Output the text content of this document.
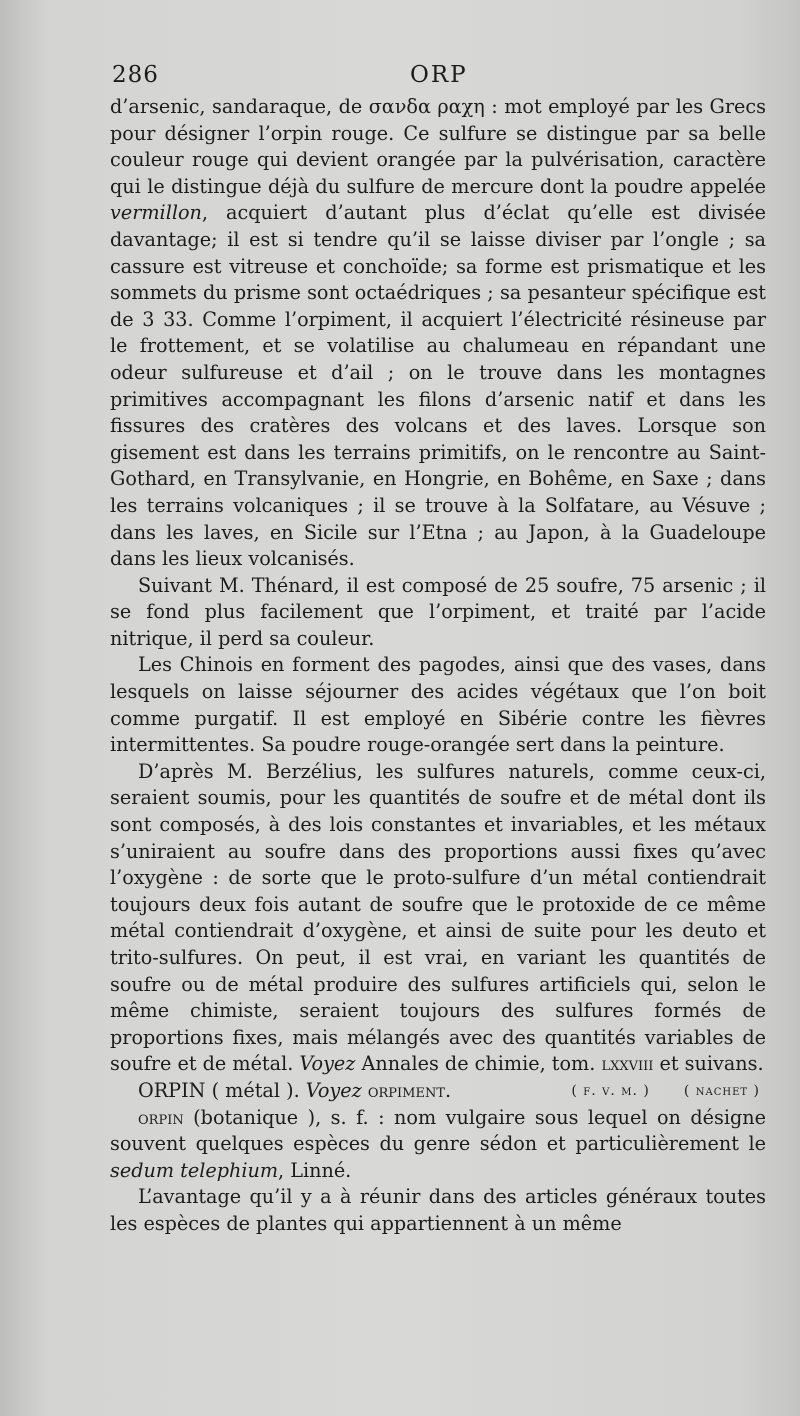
286	ORP

d’arsenic, sandaraque, de σανδα ραχη : mot employé par les Grecs pour désigner l’orpin rouge. Ce sulfure se distingue par sa belle couleur rouge qui devient orangée par la pulvérisation, caractère qui le distingue déjà du sulfure de mercure dont la poudre appelée vermillon, acquiert d’autant plus d’éclat qu’elle est divisée davantage; il est si tendre qu’il se laisse diviser par l’ongle ; sa cassure est vitreuse et conchoïde; sa forme est prismatique et les sommets du prisme sont octaédriques ; sa pesanteur spécifique est de 3 33. Comme l’orpiment, il acquiert l’électricité résineuse par le frottement, et se volatilise au chalumeau en répandant une odeur sulfureuse et d’ail ; on le trouve dans les montagnes primitives accompagnant les filons d’arsenic natif et dans les fissures des cratères des volcans et des laves. Lorsque son gisement est dans les terrains primitifs, on le rencontre au Saint-Gothard, en Transylvanie, en Hongrie, en Bohême, en Saxe ; dans les terrains volcaniques ; il se trouve à la Solfatare, au Vésuve ; dans les laves, en Sicile sur l’Etna ; au Japon, à la Guadeloupe dans les lieux volcanisés.

Suivant M. Thénard, il est composé de 25 soufre, 75 arsenic ; il se fond plus facilement que l’orpiment, et traité par l’acide nitrique, il perd sa couleur.

Les Chinois en forment des pagodes, ainsi que des vases, dans lesquels on laisse séjourner des acides végétaux que l’on boit comme purgatif. Il est employé en Sibérie contre les fièvres intermittentes. Sa poudre rouge-orangée sert dans la peinture.

D’après M. Berzélius, les sulfures naturels, comme ceux-ci, seraient soumis, pour les quantités de soufre et de métal dont ils sont composés, à des lois constantes et invariables, et les métaux s’uniraient au soufre dans des proportions aussi fixes qu’avec l’oxygène : de sorte que le proto-sulfure d’un métal contiendrait toujours deux fois autant de soufre que le protoxide de ce même métal contiendrait d’oxygène, et ainsi de suite pour les deuto et trito-sulfures. On peut, il est vrai, en variant les quantités de soufre ou de métal produire des sulfures artificiels qui, selon le même chimiste, seraient toujours des sulfures formés de proportions fixes, mais mélangés avec des quantités variables de soufre et de métal. Voyez Annales de chimie, tom. lxxviii et suivans.
( nachet )

ORPIN ( métal ). Voyez orpiment.	( f. v. m. )

orpin (botanique ), s. f. : nom vulgaire sous lequel on désigne souvent quelques espèces du genre sédon et particulièrement le sedum telephium, Linné.

L’avantage qu’il y a à réunir dans des articles généraux toutes les espèces de plantes qui appartiennent à un même
